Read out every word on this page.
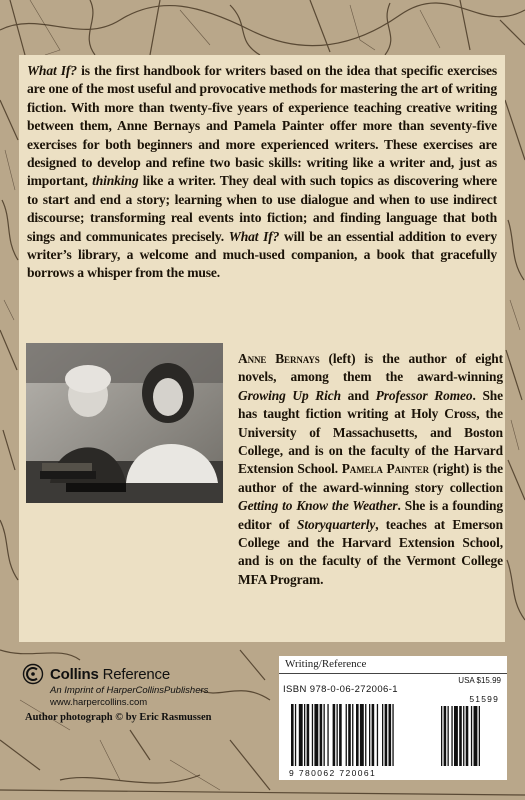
What If? is the first handbook for writers based on the idea that specific exercises are one of the most useful and provocative methods for mastering the art of writing fiction. With more than twenty-five years of experience teaching creative writing between them, Anne Bernays and Pamela Painter offer more than seventy-five exercises for both beginners and more experienced writers. These exercises are designed to develop and refine two basic skills: writing like a writer and, just as important, thinking like a writer. They deal with such topics as discovering where to start and end a story; learning when to use dialogue and when to use indirect discourse; transforming real events into fiction; and finding language that both sings and communicates precisely. What If? will be an essential addition to every writer’s library, a welcome and much-used companion, a book that gracefully borrows a whisper from the muse.

Anne Bernays (left) is the author of eight novels, among them the award-winning Growing Up Rich and Professor Romeo. She has taught fiction writing at Holy Cross, the University of Massachusetts, and Boston College, and is on the faculty of the Harvard Extension School. Pamela Painter (right) is the author of the award-winning story collection Getting to Know the Weather. She is a founding editor of Storyquarterly, teaches at Emerson College and the Harvard Extension School, and is on the faculty of the Vermont College MFA Program.

Collins Reference
An Imprint of HarperCollinsPublishers
www.harpercollins.com
Author photograph © by Eric Rasmussen
Writing/Reference
USA $15.99
ISBN 978-0-06-272006-1
51599
9 780062 720061
